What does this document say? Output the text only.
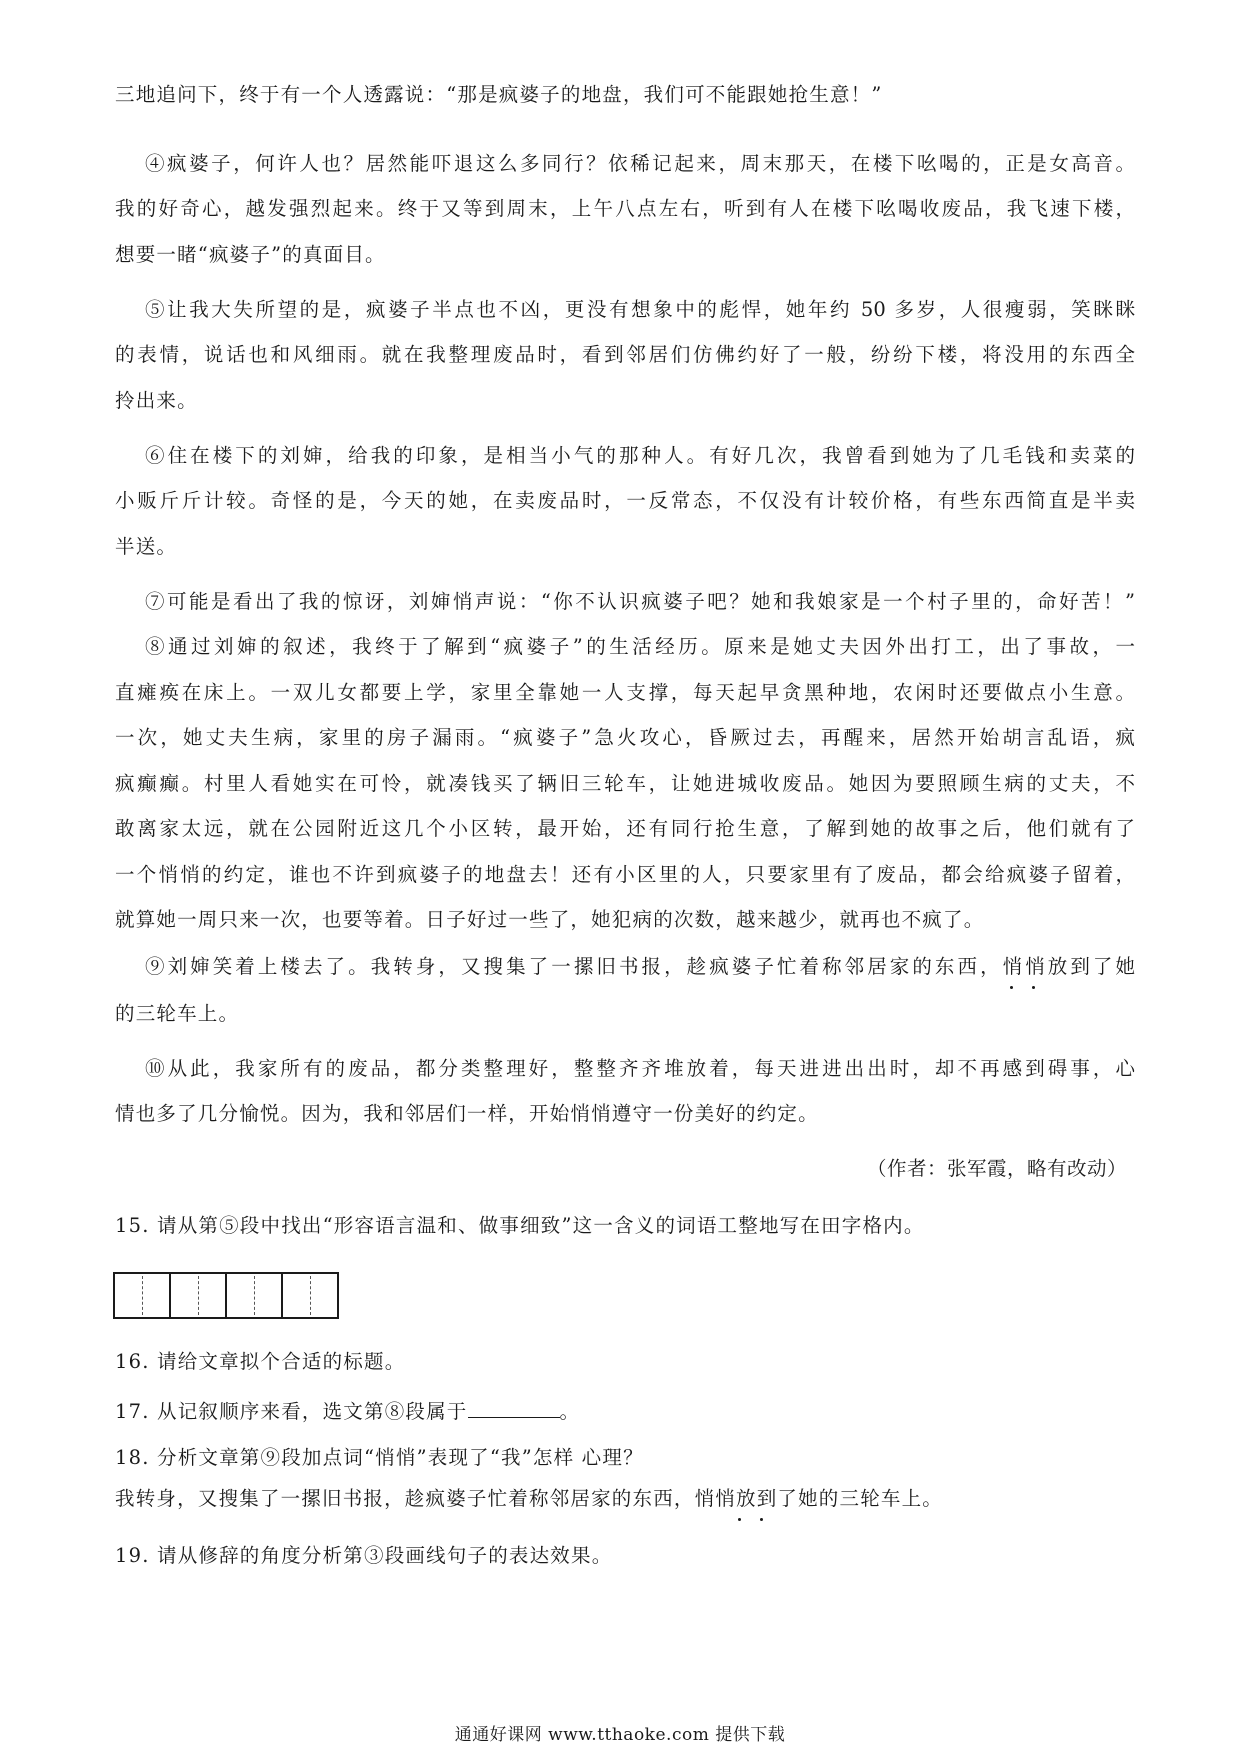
三地追问下，终于有一个人透露说：“那是疯婆子的地盘，我们可不能跟她抢生意！”
④疯婆子，何许人也？居然能吓退这么多同行？依稀记起来，周末那天，在楼下吆喝的，正是女高音。
我的好奇心，越发强烈起来。终于又等到周末，上午八点左右，听到有人在楼下吆喝收废品，我飞速下楼，
想要一睹“疯婆子”的真面目。
⑤让我大失所望的是，疯婆子半点也不凶，更没有想象中的彪悍，她年约 50 多岁，人很瘦弱，笑眯眯
的表情，说话也和风细雨。就在我整理废品时，看到邻居们仿佛约好了一般，纷纷下楼，将没用的东西全
拎出来。
⑥住在楼下的刘婶，给我的印象，是相当小气的那种人。有好几次，我曾看到她为了几毛钱和卖菜的
小贩斤斤计较。奇怪的是，今天的她，在卖废品时，一反常态，不仅没有计较价格，有些东西简直是半卖
半送。
⑦可能是看出了我的惊讶，刘婶悄声说：“你不认识疯婆子吧？她和我娘家是一个村子里的，命好苦！”
⑧通过刘婶的叙述，我终于了解到“疯婆子”的生活经历。原来是她丈夫因外出打工，出了事故，一
直瘫痪在床上。一双儿女都要上学，家里全靠她一人支撑，每天起早贪黑种地，农闲时还要做点小生意。
一次，她丈夫生病，家里的房子漏雨。“疯婆子”急火攻心，昏厥过去，再醒来，居然开始胡言乱语，疯
疯癫癫。村里人看她实在可怜，就凑钱买了辆旧三轮车，让她进城收废品。她因为要照顾生病的丈夫，不
敢离家太远，就在公园附近这几个小区转，最开始，还有同行抢生意，了解到她的故事之后，他们就有了
一个悄悄的约定，谁也不许到疯婆子的地盘去！还有小区里的人，只要家里有了废品，都会给疯婆子留着，
就算她一周只来一次，也要等着。日子好过一些了，她犯病的次数，越来越少，就再也不疯了。
⑨刘婶笑着上楼去了。我转身，又搜集了一摞旧书报，趁疯婆子忙着称邻居家的东西，悄悄放到了她
的三轮车上。
⑩从此，我家所有的废品，都分类整理好，整整齐齐堆放着，每天进进出出时，却不再感到碍事，心
情也多了几分愉悦。因为，我和邻居们一样，开始悄悄遵守一份美好的约定。
（作者：张军霞，略有改动）
15. 请从第⑤段中找出“形容语言温和、做事细致”这一含义的词语工整地写在田字格内。
16. 请给文章拟个合适的标题。
17. 从记叙顺序来看，选文第⑧段属于	。
18. 分析文章第⑨段加点词“悄悄”表现了“我”怎样 心理？
我转身，又搜集了一摞旧书报，趁疯婆子忙着称邻居家的东西，悄悄放到了她的三轮车上。
19. 请从修辞的角度分析第③段画线句子的表达效果。
通通好课网 www.tthaoke.com 提供下载
